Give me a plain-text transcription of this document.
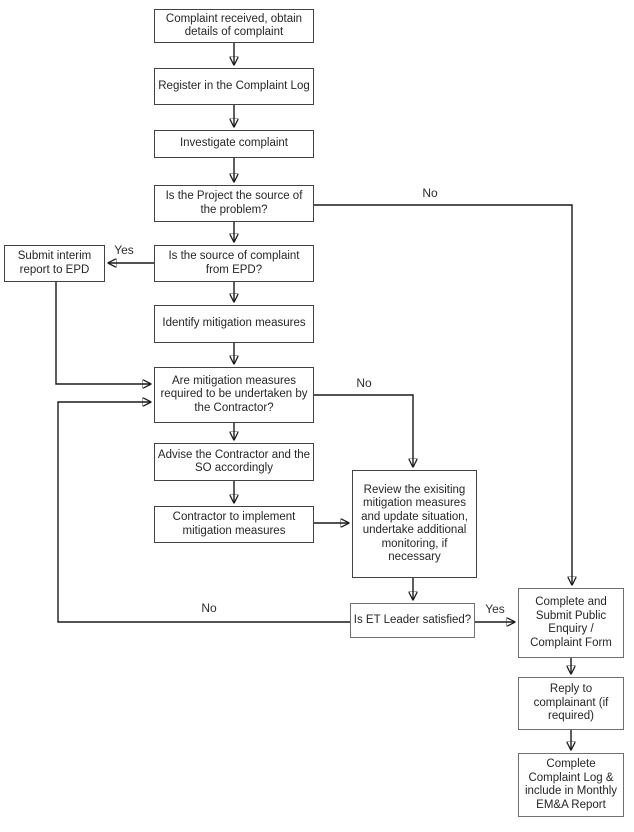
Complaint received, obtain details of complaint
Register in the Complaint Log
Investigate complaint
Is the Project the source of the problem?
Is the source of complaint from EPD?
Submit interim report to EPD
Identify mitigation measures
Are mitigation measures required to be undertaken by the Contractor?
Advise the Contractor and the SO accordingly
Contractor to implement mitigation measures
Review the exisiting mitigation measures and update situation, undertake additional monitoring, if necessary
Is ET Leader satisfied?
Complete and Submit Public Enquiry / Complaint Form
Reply to complainant (if required)
Complete Complaint Log & include in Monthly EM&A Report
No
Yes
No
Yes
No
